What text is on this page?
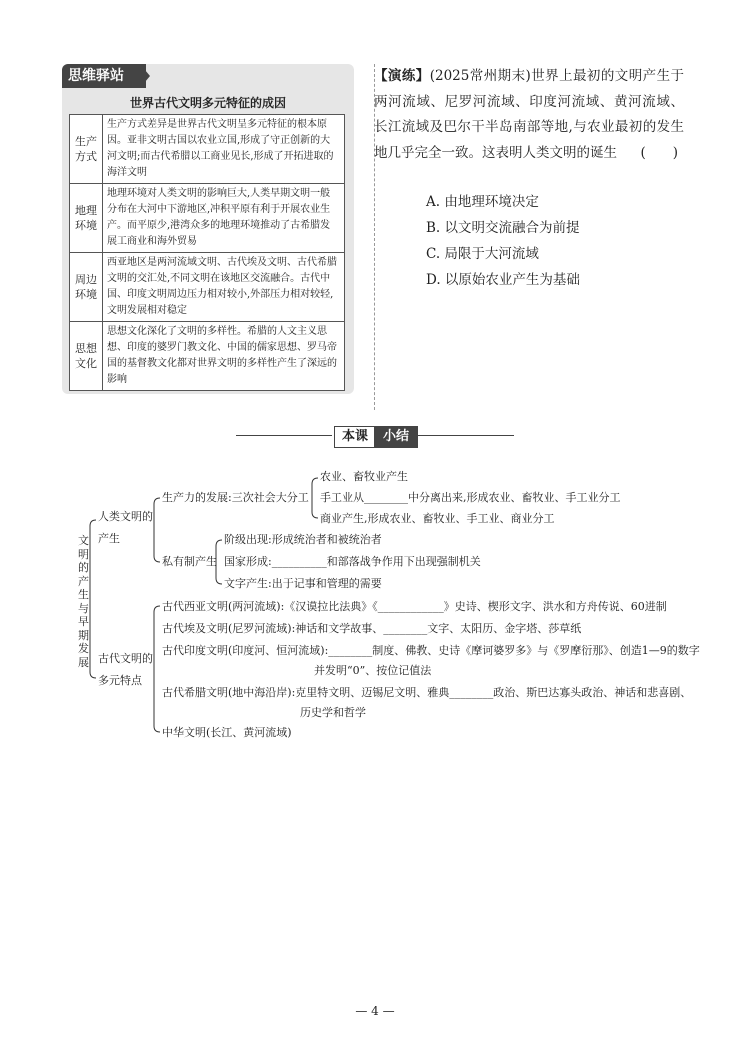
思维驿站
世界古代文明多元特征的成因
生产方式	生产方式差异是世界古代文明呈多元特征的根本原因。亚非文明古国以农业立国,形成了守正创新的大河文明;而古代希腊以工商业见长,形成了开拓进取的海洋文明
地理环境	地理环境对人类文明的影响巨大,人类早期文明一般分布在大河中下游地区,冲积平原有利于开展农业生产。而平原少,港湾众多的地理环境推动了古希腊发展工商业和海外贸易
周边环境	西亚地区是两河流域文明、古代埃及文明、古代希腊文明的交汇处,不同文明在该地区交流融合。古代中国、印度文明周边压力相对较小,外部压力相对较轻,文明发展相对稳定
思想文化	思想文化深化了文明的多样性。希腊的人文主义思想、印度的婆罗门教文化、中国的儒家思想、罗马帝国的基督教文化都对世界文明的多样性产生了深远的影响
【演练】(2025常州期末)世界上最初的文明产生于两河流域、尼罗河流域、印度河流域、黄河流域、长江流域及巴尔干半岛南部等地,与农业最初的发生地几乎完全一致。这表明人类文明的诞生 (　　)
A. 由地理环境决定
B. 以文明交流融合为前提
C. 局限于大河流域
D. 以原始农业产生为基础
本课	小结
文明的产生与早期发展
人类文明的
产生
生产力的发展:三次社会大分工
农业、畜牧业产生
手工业从________中分离出来,形成农业、畜牧业、手工业分工
商业产生,形成农业、畜牧业、手工业、商业分工
私有制产生
阶级出现:形成统治者和被统治者
国家形成:__________和部落战争作用下出现强制机关
文字产生:出于记事和管理的需要
古代文明的
多元特点
古代西亚文明(两河流域):《汉谟拉比法典》《____________》史诗、楔形文字、洪水和方舟传说、60进制
古代埃及文明(尼罗河流域):神话和文学故事、________文字、太阳历、金字塔、莎草纸
古代印度文明(印度河、恒河流域):________制度、佛教、史诗《摩诃婆罗多》与《罗摩衍那》、创造1—9的数字
并发明“0”、按位记值法
古代希腊文明(地中海沿岸):克里特文明、迈锡尼文明、雅典________政治、斯巴达寡头政治、神话和悲喜剧、
历史学和哲学
中华文明(长江、黄河流域)
— 4 —
